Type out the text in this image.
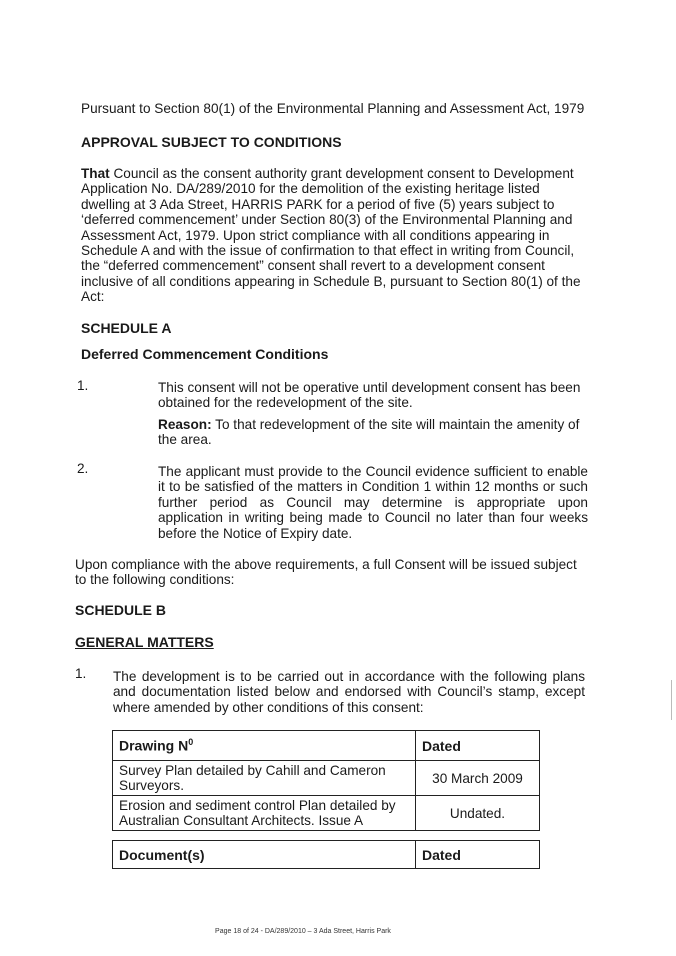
Pursuant to Section 80(1) of the Environmental Planning and Assessment Act, 1979
APPROVAL SUBJECT TO CONDITIONS
That Council as the consent authority grant development consent to Development Application No. DA/289/2010 for the demolition of the existing heritage listed dwelling at 3 Ada Street, HARRIS PARK for a period of five (5) years subject to ‘deferred commencement’ under Section 80(3) of the Environmental Planning and Assessment Act, 1979. Upon strict compliance with all conditions appearing in Schedule A and with the issue of confirmation to that effect in writing from Council, the “deferred commencement” consent shall revert to a development consent inclusive of all conditions appearing in Schedule B, pursuant to Section 80(1) of the Act:
SCHEDULE A
Deferred Commencement Conditions
1.	This consent will not be operative until development consent has been obtained for the redevelopment of the site.
Reason: To that redevelopment of the site will maintain the amenity of the area.
2.	The applicant must provide to the Council evidence sufficient to enable it to be satisfied of the matters in Condition 1 within 12 months or such further period as Council may determine is appropriate upon application in writing being made to Council no later than four weeks before the Notice of Expiry date.
Upon compliance with the above requirements, a full Consent will be issued subject to the following conditions:
SCHEDULE B
GENERAL MATTERS
1. The development is to be carried out in accordance with the following plans and documentation listed below and endorsed with Council’s stamp, except where amended by other conditions of this consent:
Drawing $N^0$	Dated
Survey Plan detailed by Cahill and Cameron Surveyors.	30 March 2009
Erosion and sediment control Plan detailed by Australian Consultant Architects. Issue A	Undated.
Document(s)	Dated
Page 18 of 24 - DA/289/2010 – 3 Ada Street, Harris Park
